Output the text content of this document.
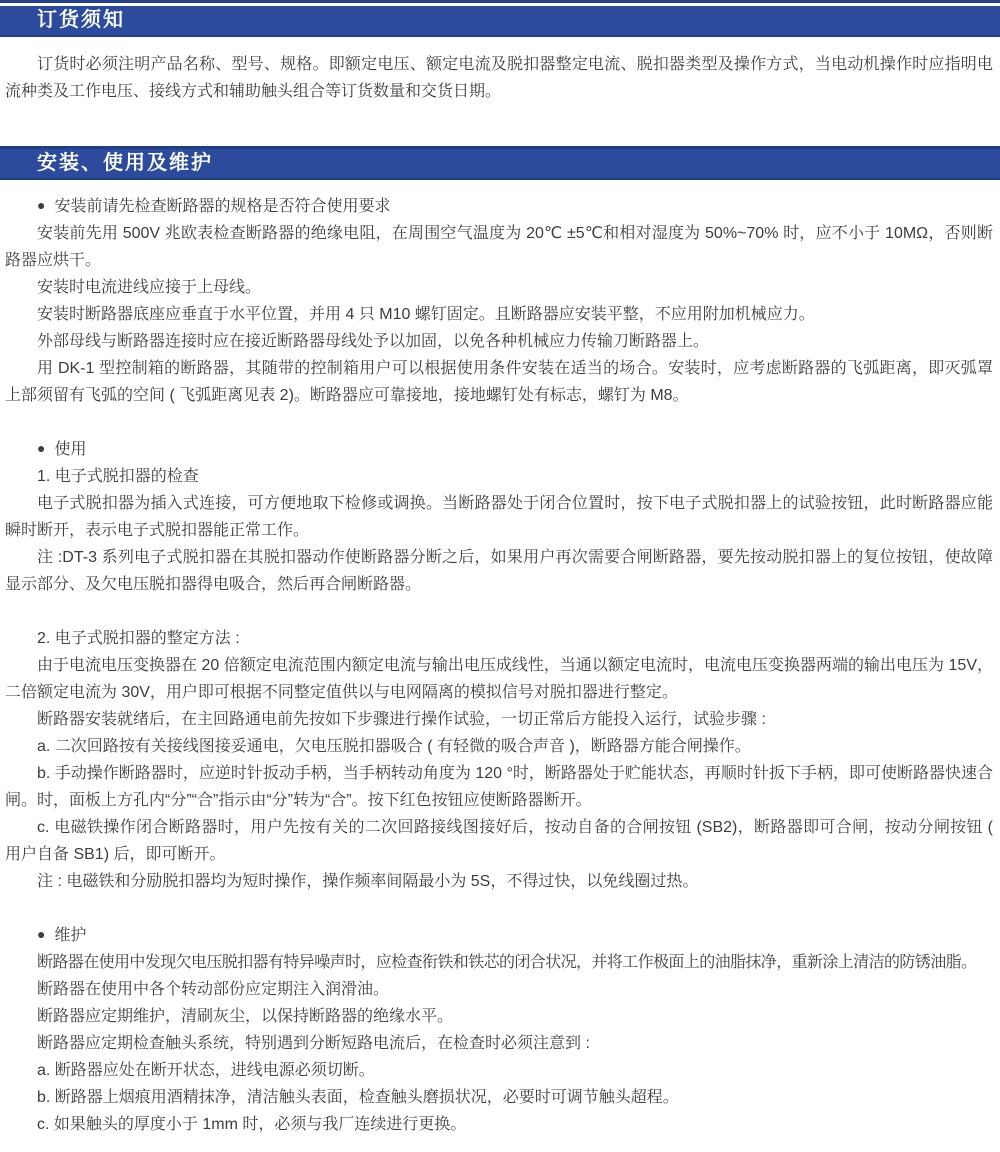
订货须知

订货时必须注明产品名称、型号、规格。即额定电压、额定电流及脱扣器整定电流、脱扣器类型及操作方式，当电动机操作时应指明电流种类及工作电压、接线方式和辅助触头组合等订货数量和交货日期。

安装、使用及维护

● 安装前请先检查断路器的规格是否符合使用要求

安装前先用 500V 兆欧表检查断路器的绝缘电阻，在周围空气温度为 20℃ ±5℃和相对湿度为 50%~70% 时，应不小于 10MΩ，否则断路器应烘干。

安装时电流进线应接于上母线。

安装时断路器底座应垂直于水平位置，并用 4 只 M10 螺钉固定。且断路器应安装平整，不应用附加机械应力。

外部母线与断路器连接时应在接近断路器母线处予以加固，以免各种机械应力传输刀断路器上。

用 DK-1 型控制箱的断路器，其随带的控制箱用户可以根据使用条件安装在适当的场合。安装时，应考虑断路器的飞弧距离，即灭弧罩上部须留有飞弧的空间 ( 飞弧距离见表 2)。断路器应可靠接地，接地螺钉处有标志，螺钉为 M8。

● 使用

1. 电子式脱扣器的检查

电子式脱扣器为插入式连接，可方便地取下检修或调换。当断路器处于闭合位置时，按下电子式脱扣器上的试验按钮，此时断路器应能瞬时断开，表示电子式脱扣器能正常工作。

注 :DT-3 系列电子式脱扣器在其脱扣器动作使断路器分断之后，如果用户再次需要合闸断路器，要先按动脱扣器上的复位按钮，使故障显示部分、及欠电压脱扣器得电吸合，然后再合闸断路器。

2. 电子式脱扣器的整定方法 :

由于电流电压变换器在 20 倍额定电流范围内额定电流与输出电压成线性，当通以额定电流时，电流电压变换器两端的输出电压为 15V，二倍额定电流为 30V，用户即可根据不同整定值供以与电网隔离的模拟信号对脱扣器进行整定。

断路器安装就绪后，在主回路通电前先按如下步骤进行操作试验，一切正常后方能投入运行，试验步骤 :

a. 二次回路按有关接线图接妥通电，欠电压脱扣器吸合 ( 有轻微的吸合声音 )，断路器方能合闸操作。

b. 手动操作断路器时，应逆时针扳动手柄，当手柄转动角度为 120 °时，断路器处于贮能状态，再顺时针扳下手柄，即可使断路器快速合闸。时，面板上方孔内“分”“合”指示由“分”转为“合”。按下红色按钮应使断路器断开。

c. 电磁铁操作闭合断路器时，用户先按有关的二次回路接线图接好后，按动自备的合闸按钮 (SB2)，断路器即可合闸，按动分闸按钮 ( 用户自备 SB1) 后，即可断开。

注 : 电磁铁和分励脱扣器均为短时操作，操作频率间隔最小为 5S，不得过快，以免线圈过热。

● 维护

断路器在使用中发现欠电压脱扣器有特异噪声时，应检查衔铁和铁芯的闭合状况，并将工作极面上的油脂抹净，重新涂上清洁的防锈油脂。

断路器在使用中各个转动部份应定期注入润滑油。

断路器应定期维护，清刷灰尘，以保持断路器的绝缘水平。

断路器应定期检查触头系统，特别遇到分断短路电流后，在检查时必须注意到 :

a. 断路器应处在断开状态，进线电源必须切断。

b. 断路器上烟痕用酒精抹净，清洁触头表面，检查触头磨损状况，必要时可调节触头超程。

c. 如果触头的厚度小于 1mm 时，必须与我厂连续进行更换。
